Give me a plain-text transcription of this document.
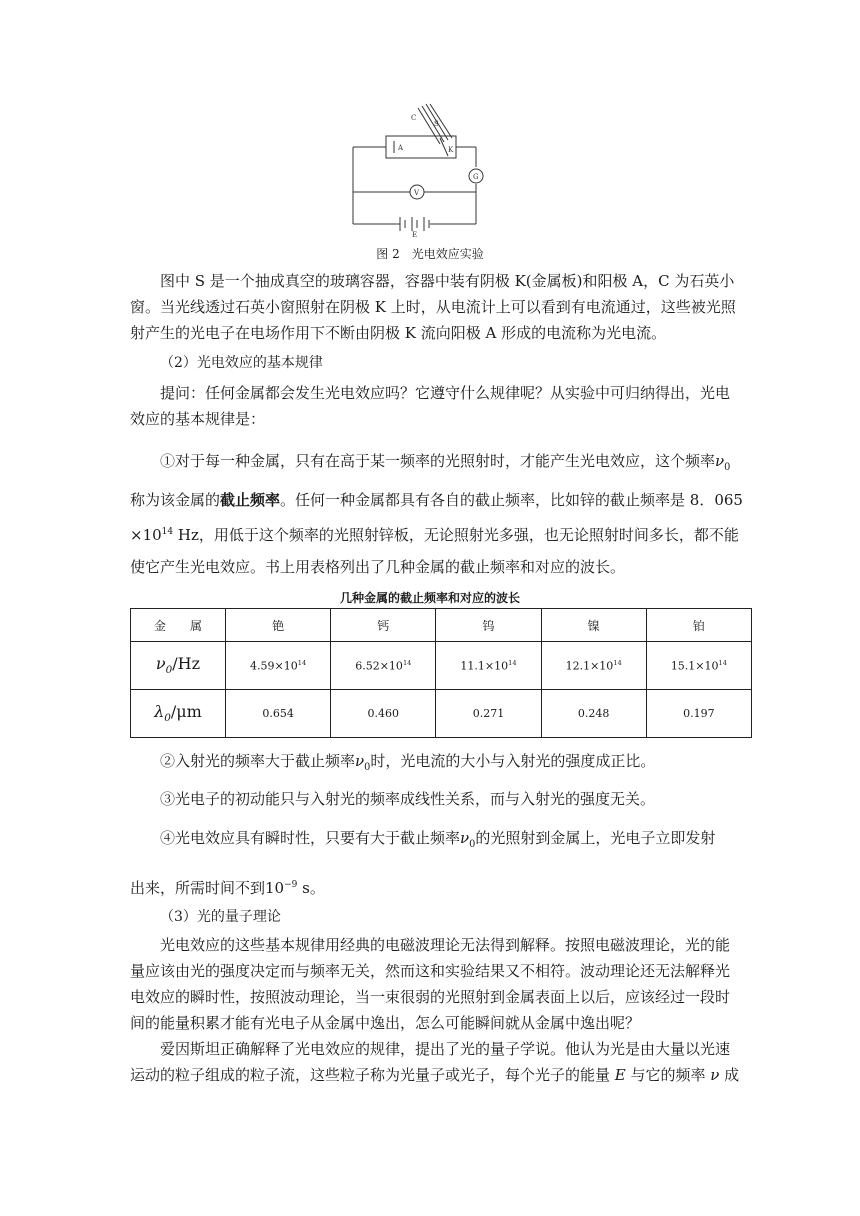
C
S
A	K
G
V
E
图 2　光电效应实验
图中 S 是一个抽成真空的玻璃容器，容器中装有阴极 K(金属板)和阳极 A，C 为石英小
窗。当光线透过石英小窗照射在阴极 K 上时，从电流计上可以看到有电流通过，这些被光照
射产生的光电子在电场作用下不断由阴极 K 流向阳极 A 形成的电流称为光电流。
（2）光电效应的基本规律
提问：任何金属都会发生光电效应吗？它遵守什么规律呢？从实验中可归纳得出，光电
效应的基本规律是：
①对于每一种金属，只有在高于某一频率的光照射时，才能产生光电效应，这个频率$\nu_0$
称为该金属的截止频率。任何一种金属都具有各自的截止频率，比如锌的截止频率是 8．065
$\times 10^{14}$ Hz，用低于这个频率的光照射锌板，无论照射光多强，也无论照射时间多长，都不能
使它产生光电效应。书上用表格列出了几种金属的截止频率和对应的波长。
几种金属的截止频率和对应的波长
金　　属	铯	钙	钨	镍	铂
$\nu_0/Hz$	$4.59\times 10^{14}$	$6.52\times 10^{14}$	$11.1\times 10^{14}$	$12.1\times 10^{14}$	$15.1\times 10^{14}$
$\lambda_0/\mu m$	0.654	0.460	0.271	0.248	0.197
②入射光的频率大于截止频率$\nu_0$时，光电流的大小与入射光的强度成正比。
③光电子的初动能只与入射光的频率成线性关系，而与入射光的强度无关。
④光电效应具有瞬时性，只要有大于截止频率$\nu_0$的光照射到金属上，光电子立即发射
出来，所需时间不到$10^{-9}$ s。
（3）光的量子理论
光电效应的这些基本规律用经典的电磁波理论无法得到解释。按照电磁波理论，光的能
量应该由光的强度决定而与频率无关，然而这和实验结果又不相符。波动理论还无法解释光
电效应的瞬时性，按照波动理论，当一束很弱的光照射到金属表面上以后，应该经过一段时
间的能量积累才能有光电子从金属中逸出，怎么可能瞬间就从金属中逸出呢？
爱因斯坦正确解释了光电效应的规律，提出了光的量子学说。他认为光是由大量以光速
运动的粒子组成的粒子流，这些粒子称为光量子或光子，每个光子的能量 E 与它的频率 ν 成
